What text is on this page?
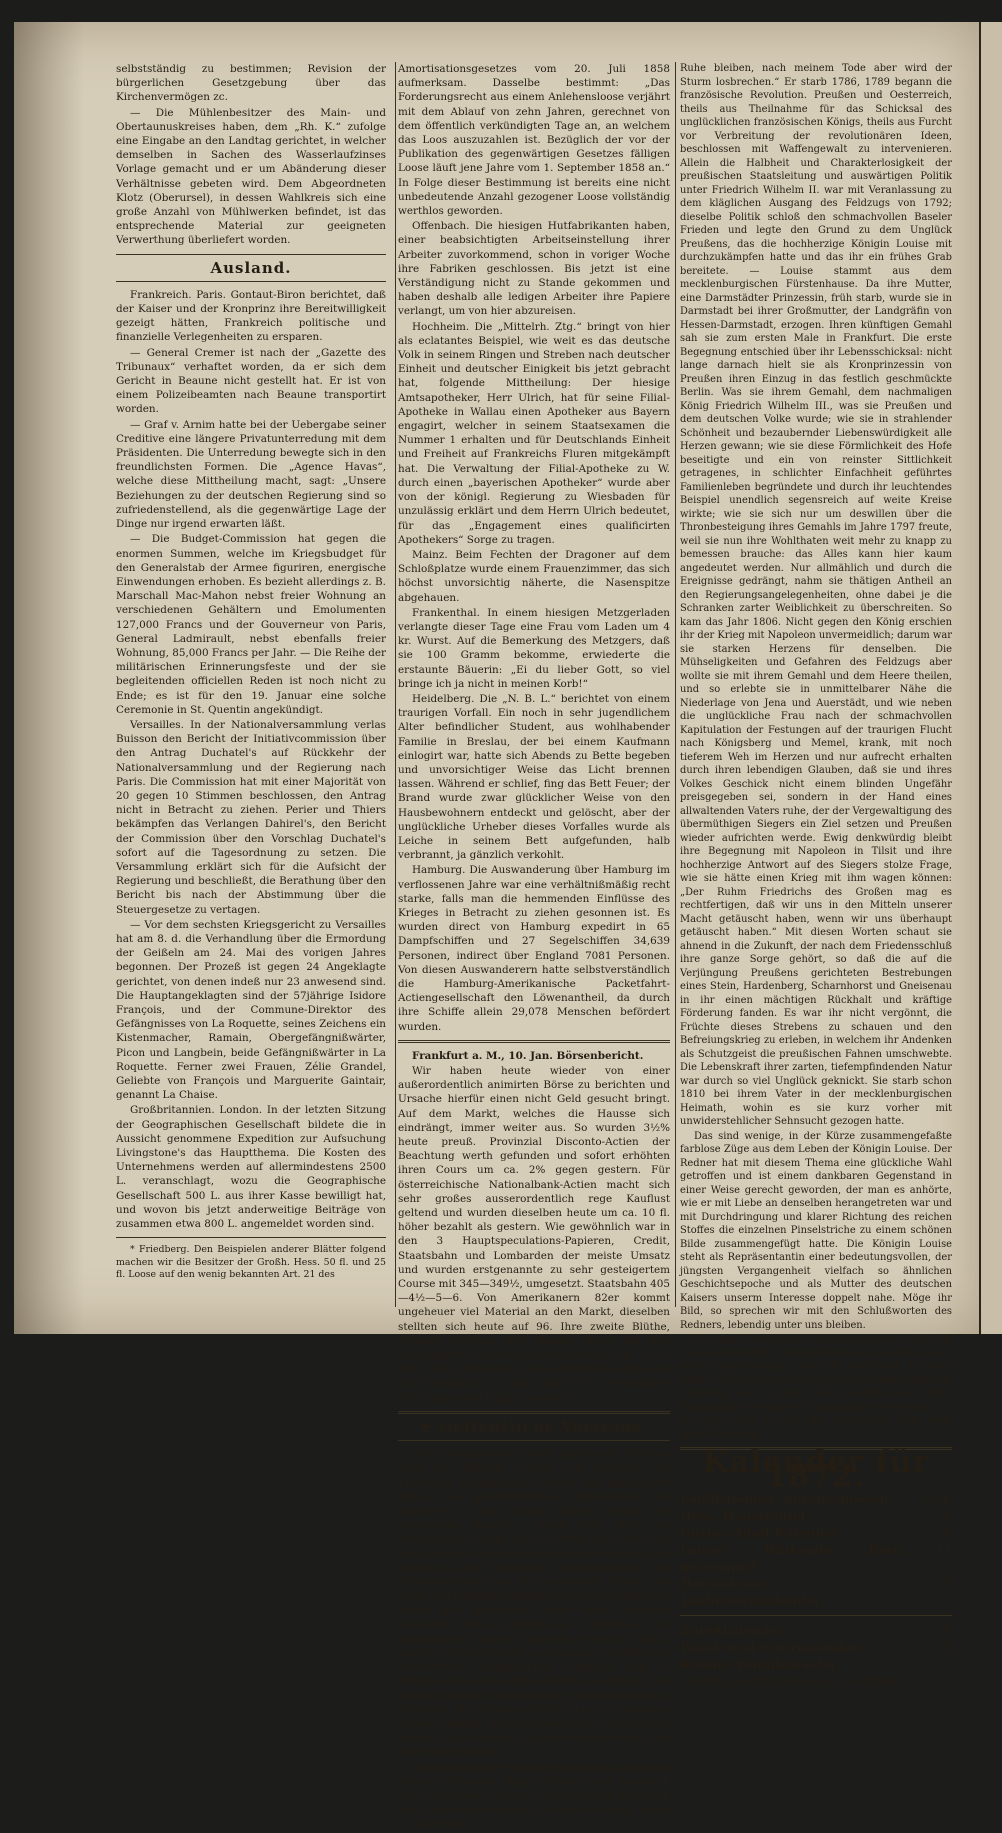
selbstständig zu bestimmen; Revision der bürgerlichen Gesetzgebung über das Kirchenvermögen zc.

— Die Mühlenbesitzer des Main- und Obertaunuskreises haben, dem „Rh. K.“ zufolge eine Eingabe an den Landtag gerichtet, in welcher demselben in Sachen des Wasserlaufzinses Vorlage gemacht und er um Abänderung dieser Verhältnisse gebeten wird. Dem Abgeordneten Klotz (Oberursel), in dessen Wahlkreis sich eine große Anzahl von Mühlwerken befindet, ist das entsprechende Material zur geeigneten Verwerthung überliefert worden.

Ausland.

Frankreich. Paris. Gontaut-Biron berichtet, daß der Kaiser und der Kronprinz ihre Bereitwilligkeit gezeigt hätten, Frankreich politische und finanzielle Verlegenheiten zu ersparen.

— General Cremer ist nach der „Gazette des Tribunaux“ verhaftet worden, da er sich dem Gericht in Beaune nicht gestellt hat. Er ist von einem Polizeibeamten nach Beaune transportirt worden.

— Graf v. Arnim hatte bei der Uebergabe seiner Creditive eine längere Privatunterredung mit dem Präsidenten. Die Unterredung bewegte sich in den freundlichsten Formen. Die „Agence Havas“, welche diese Mittheilung macht, sagt: „Unsere Beziehungen zu der deutschen Regierung sind so zufriedenstellend, als die gegenwärtige Lage der Dinge nur irgend erwarten läßt.

— Die Budget-Commission hat gegen die enormen Summen, welche im Kriegsbudget für den Generalstab der Armee figuriren, energische Einwendungen erhoben. Es bezieht allerdings z. B. Marschall Mac-Mahon nebst freier Wohnung an verschiedenen Gehältern und Emolumenten 127,000 Francs und der Gouverneur von Paris, General Ladmirault, nebst ebenfalls freier Wohnung, 85,000 Francs per Jahr. — Die Reihe der militärischen Erinnerungsfeste und der sie begleitenden officiellen Reden ist noch nicht zu Ende; es ist für den 19. Januar eine solche Ceremonie in St. Quentin angekündigt.

Versailles. In der Nationalversammlung verlas Buisson den Bericht der Initiativcommission über den Antrag Duchatel's auf Rückkehr der Nationalversammlung und der Regierung nach Paris. Die Commission hat mit einer Majorität von 20 gegen 10 Stimmen beschlossen, den Antrag nicht in Betracht zu ziehen. Perier und Thiers bekämpfen das Verlangen Dahirel's, den Bericht der Commission über den Vorschlag Duchatel's sofort auf die Tagesordnung zu setzen. Die Versammlung erklärt sich für die Aufsicht der Regierung und beschließt, die Berathung über den Bericht bis nach der Abstimmung über die Steuergesetze zu vertagen.

— Vor dem sechsten Kriegsgericht zu Versailles hat am 8. d. die Verhandlung über die Ermordung der Geißeln am 24. Mai des vorigen Jahres begonnen. Der Prozeß ist gegen 24 Angeklagte gerichtet, von denen indeß nur 23 anwesend sind. Die Hauptangeklagten sind der 57jährige Isidore François, und der Commune-Direktor des Gefängnisses von La Roquette, seines Zeichens ein Kistenmacher, Ramain, Obergefängnißwärter, Picon und Langbein, beide Gefängnißwärter in La Roquette. Ferner zwei Frauen, Zélie Grandel, Geliebte von François und Marguerite Gaintair, genannt La Chaise.

Großbritannien. London. In der letzten Sitzung der Geographischen Gesellschaft bildete die in Aussicht genommene Expedition zur Aufsuchung Livingstone's das Hauptthema. Die Kosten des Unternehmens werden auf allermindestens 2500 L. veranschlagt, wozu die Geographische Gesellschaft 500 L. aus ihrer Kasse bewilligt hat, und wovon bis jetzt anderweitige Beiträge von zusammen etwa 800 L. angemeldet worden sind.

* Friedberg. Den Beispielen anderer Blätter folgend machen wir die Besitzer der Großh. Hess. 50 fl. und 25 fl. Loose auf den wenig bekannten Art. 21 des

Amortisationsgesetzes vom 20. Juli 1858 aufmerksam. Dasselbe bestimmt: „Das Forderungsrecht aus einem Anlehensloose verjährt mit dem Ablauf von zehn Jahren, gerechnet von dem öffentlich verkündigten Tage an, an welchem das Loos auszuzahlen ist. Bezüglich der vor der Publikation des gegenwärtigen Gesetzes fälligen Loose läuft jene Jahre vom 1. September 1858 an.“ In Folge dieser Bestimmung ist bereits eine nicht unbedeutende Anzahl gezogener Loose vollständig werthlos geworden.

Offenbach. Die hiesigen Hutfabrikanten haben, einer beabsichtigten Arbeitseinstellung ihrer Arbeiter zuvorkommend, schon in voriger Woche ihre Fabriken geschlossen. Bis jetzt ist eine Verständigung nicht zu Stande gekommen und haben deshalb alle ledigen Arbeiter ihre Papiere verlangt, um von hier abzureisen.

Hochheim. Die „Mittelrh. Ztg.“ bringt von hier als eclatantes Beispiel, wie weit es das deutsche Volk in seinem Ringen und Streben nach deutscher Einheit und deutscher Einigkeit bis jetzt gebracht hat, folgende Mittheilung: Der hiesige Amtsapotheker, Herr Ulrich, hat für seine Filial-Apotheke in Wallau einen Apotheker aus Bayern engagirt, welcher in seinem Staatsexamen die Nummer 1 erhalten und für Deutschlands Einheit und Freiheit auf Frankreichs Fluren mitgekämpft hat. Die Verwaltung der Filial-Apotheke zu W. durch einen „bayerischen Apotheker“ wurde aber von der königl. Regierung zu Wiesbaden für unzulässig erklärt und dem Herrn Ulrich bedeutet, für das „Engagement eines qualificirten Apothekers“ Sorge zu tragen.

Mainz. Beim Fechten der Dragoner auf dem Schloßplatze wurde einem Frauenzimmer, das sich höchst unvorsichtig näherte, die Nasenspitze abgehauen.

Frankenthal. In einem hiesigen Metzgerladen verlangte dieser Tage eine Frau vom Laden um 4 kr. Wurst. Auf die Bemerkung des Metzgers, daß sie 100 Gramm bekomme, erwiederte die erstaunte Bäuerin: „Ei du lieber Gott, so viel bringe ich ja nicht in meinen Korb!“

Heidelberg. Die „N. B. L.“ berichtet von einem traurigen Vorfall. Ein noch in sehr jugendlichem Alter befindlicher Student, aus wohlhabender Familie in Breslau, der bei einem Kaufmann einlogirt war, hatte sich Abends zu Bette begeben und unvorsichtiger Weise das Licht brennen lassen. Während er schlief, fing das Bett Feuer; der Brand wurde zwar glücklicher Weise von den Hausbewohnern entdeckt und gelöscht, aber der unglückliche Urheber dieses Vorfalles wurde als Leiche in seinem Bett aufgefunden, halb verbrannt, ja gänzlich verkohlt.

Hamburg. Die Auswanderung über Hamburg im verflossenen Jahre war eine verhältnißmäßig recht starke, falls man die hemmenden Einflüsse des Krieges in Betracht zu ziehen gesonnen ist. Es wurden direct von Hamburg expedirt in 65 Dampfschiffen und 27 Segelschiffen 34,639 Personen, indirect über England 7081 Personen. Von diesen Auswanderern hatte selbstverständlich die Hamburg-Amerikanische Packetfahrt-Actiengesellschaft den Löwenantheil, da durch ihre Schiffe allein 29,078 Menschen befördert wurden.

Frankfurt a. M., 10. Jan. Börsenbericht.

Wir haben heute wieder von einer außerordentlich animirten Börse zu berichten und Ursache hierfür einen nicht Geld gesucht bringt. Auf dem Markt, welches die Hausse sich eindrängt, immer weiter aus. So wurden 3½% heute preuß. Provinzial Disconto-Actien der Beachtung werth gefunden und sofort erhöhten ihren Cours um ca. 2% gegen gestern. Für österreichische Nationalbank-Actien macht sich sehr großes ausserordentlich rege Kauflust geltend und wurden dieselben heute um ca. 10 fl. höher bezahlt als gestern. Wie gewöhnlich war in den 3 Hauptspeculations-Papieren, Credit, Staatsbahn und Lombarden der meiste Umsatz und wurden erstgenannte zu sehr gesteigertem Course mit 345—349½, umgesetzt. Staatsbahn 405—4½—5—6. Von Amerikanern 82er kommt ungeheuer viel Material an den Markt, dieselben stellten sich heute auf 96. Ihre zweite Blüthe, größere Kauflust und fanden heute die neu eingeführten Nordwestbahn-Prioritäten Lit. B. zu 85½, willig Abnehmer. Diese Prioritäten sind auch im Verhältniß zu den alten Pfr. Prioritäten-Gattungen noch billig zu nennen.

✢ Oeffentliche Vorträge.

Herr Seminarlehrer Marx sprach am Dienstag über die Königin Louise von Preußen. Als Einleitung zeichnete der Redner mit geschickter Hand den geschichtlichen Hintergrund, auf welchem er das Leben seiner Heldin zur Darstellung brachte. Durch den Adel des französischen Hofes unter Ludwig XIV. waren mit französischer Mode und französischer Sprache und Literatur auch französische Leichtfertigkeit und Sittenverderbniß an den deutschen Höfen und unter den höheren Ständen bis in die bürgerlichen Kreise des deutschen Volkes herab heimisch geworden. Erst mit Beginn der 2. Hälfte des 18. Jahrhunderts fing der deutsche Geist mit Macht an, sich auf sich selbst zu besinnen, von dem ihn zersetzenden französischen Einflusse sich zu befreien und seine eigenen Bahnen zu gehen. Eine zweite Blüthezeit der deutschen Literatur trat ein, Friedrich der Große schickt sich mit scharfem Schwert wieder deutsche Geschichte und Preußen begann, da zu werden, was wir es heute sehen, der erste Staat Europa's.

Mittlerweile aber sammelten sich am westlichen Horizont Europa's dunkle Wolken, den Ausbruch eines schweren Gewitters verkündigend. Friedrich der Große sah es voraus. „So lange ich lebe“, sagte er, „wird wohl

Ruhe bleiben, nach meinem Tode aber wird der Sturm losbrechen.“ Er starb 1786, 1789 begann die französische Revolution. Preußen und Oesterreich, theils aus Theilnahme für das Schicksal des unglücklichen französischen Königs, theils aus Furcht vor Verbreitung der revolutionären Ideen, beschlossen mit Waffengewalt zu intervenieren. Allein die Halbheit und Charakterlosigkeit der preußischen Staatsleitung und auswärtigen Politik unter Friedrich Wilhelm II. war mit Veranlassung zu dem kläglichen Ausgang des Feldzugs von 1792; dieselbe Politik schloß den schmachvollen Baseler Frieden und legte den Grund zu dem Unglück Preußens, das die hochherzige Königin Louise mit durchzukämpfen hatte und das ihr ein frühes Grab bereitete. — Louise stammt aus dem mecklenburgischen Fürstenhause. Da ihre Mutter, eine Darmstädter Prinzessin, früh starb, wurde sie in Darmstadt bei ihrer Großmutter, der Landgräfin von Hessen-Darmstadt, erzogen. Ihren künftigen Gemahl sah sie zum ersten Male in Frankfurt. Die erste Begegnung entschied über ihr Lebensschicksal: nicht lange darnach hielt sie als Kronprinzessin von Preußen ihren Einzug in das festlich geschmückte Berlin. Was sie ihrem Gemahl, dem nachmaligen König Friedrich Wilhelm III., was sie Preußen und dem deutschen Volke wurde; wie sie in strahlender Schönheit und bezaubernder Liebenswürdigkeit alle Herzen gewann; wie sie diese Förmlichkeit des Hofe beseitigte und ein von reinster Sittlichkeit getragenes, in schlichter Einfachheit geführtes Familienleben begründete und durch ihr leuchtendes Beispiel unendlich segensreich auf weite Kreise wirkte; wie sie sich nur um deswillen über die Thronbesteigung ihres Gemahls im Jahre 1797 freute, weil sie nun ihre Wohlthaten weit mehr zu knapp zu bemessen brauche: das Alles kann hier kaum angedeutet werden. Nur allmählich und durch die Ereignisse gedrängt, nahm sie thätigen Antheil an den Regierungsangelegenheiten, ohne dabei je die Schranken zarter Weiblichkeit zu überschreiten. So kam das Jahr 1806. Nicht gegen den König erschien ihr der Krieg mit Napoleon unvermeidlich; darum war sie starken Herzens für denselben. Die Mühseligkeiten und Gefahren des Feldzugs aber wollte sie mit ihrem Gemahl und dem Heere theilen, und so erlebte sie in unmittelbarer Nähe die Niederlage von Jena und Auerstädt, und wie neben die unglückliche Frau nach der schmachvollen Kapitulation der Festungen auf der traurigen Flucht nach Königsberg und Memel, krank, mit noch tieferem Weh im Herzen und nur aufrecht erhalten durch ihren lebendigen Glauben, daß sie und ihres Volkes Geschick nicht einem blinden Ungefähr preisgegeben sei, sondern in der Hand eines allwaltenden Vaters ruhe, der der Vergewaltigung des übermüthigen Siegers ein Ziel setzen und Preußen wieder aufrichten werde. Ewig denkwürdig bleibt ihre Begegnung mit Napoleon in Tilsit und ihre hochherzige Antwort auf des Siegers stolze Frage, wie sie hätte einen Krieg mit ihm wagen können: „Der Ruhm Friedrichs des Großen mag es rechtfertigen, daß wir uns in den Mitteln unserer Macht getäuscht haben, wenn wir uns überhaupt getäuscht haben.“ Mit diesen Worten schaut sie ahnend in die Zukunft, der nach dem Friedensschluß ihre ganze Sorge gehört, so daß die auf die Verjüngung Preußens gerichteten Bestrebungen eines Stein, Hardenberg, Scharnhorst und Gneisenau in ihr einen mächtigen Rückhalt und kräftige Förderung fanden. Es war ihr nicht vergönnt, die Früchte dieses Strebens zu schauen und den Befreiungskrieg zu erleben, in welchem ihr Andenken als Schutzgeist die preußischen Fahnen umschwebte. Die Lebenskraft ihrer zarten, tiefempfindenden Natur war durch so viel Unglück geknickt. Sie starb schon 1810 bei ihrem Vater in der mecklenburgischen Heimath, wohin es sie kurz vorher mit unwiderstehlicher Sehnsucht gezogen hatte.

Das sind wenige, in der Kürze zusammengefaßte farblose Züge aus dem Leben der Königin Louise. Der Redner hat mit diesem Thema eine glückliche Wahl getroffen und ist einem dankbaren Gegenstand in einer Weise gerecht geworden, der man es anhörte, wie er mit Liebe an denselben herangetreten war und mit Durchdringung und klarer Richtung des reichen Stoffes die einzelnen Pinselstriche zu einem schönen Bilde zusammengefügt hatte. Die Königin Louise steht als Repräsentantin einer bedeutungsvollen, der jüngsten Vergangenheit vielfach so ähnlichen Geschichtsepoche und als Mutter des deutschen Kaisers unserm Interesse doppelt nahe. Möge ihr Bild, so sprechen wir mit den Schlußworten des Redners, lebendig unter uns bleiben.

So lange Deutschland Frauen besitzen wird, wie sie von einfachem, reinem Sinne und von Herz eines edlen Familienlebens, wie sie erglühend für alles Gute und Schöne und voll Liebe für Mitmenschen und Vaterland, und in dem All in geleitet von tiefer Religiosität und wahrer Frömmigkeit des Herzens, — so lange wird es mit dem deutschen Volke wohl bestellt bleiben.

Kalender für 1872.
Landkalender, durchschossen	6 kr.
Hess. Hausfreund	8
Gustav-Adolf-Kalender	8
Lahrer Hinkende Bote, gestempelt
11
Herriedener Laubfroschkalender
9
Adreßkalender	6
Wand- und Notizkalender	8
Kleiner Wandkalender	2
Vorräthig bei Bindernagel & Schimpff.
